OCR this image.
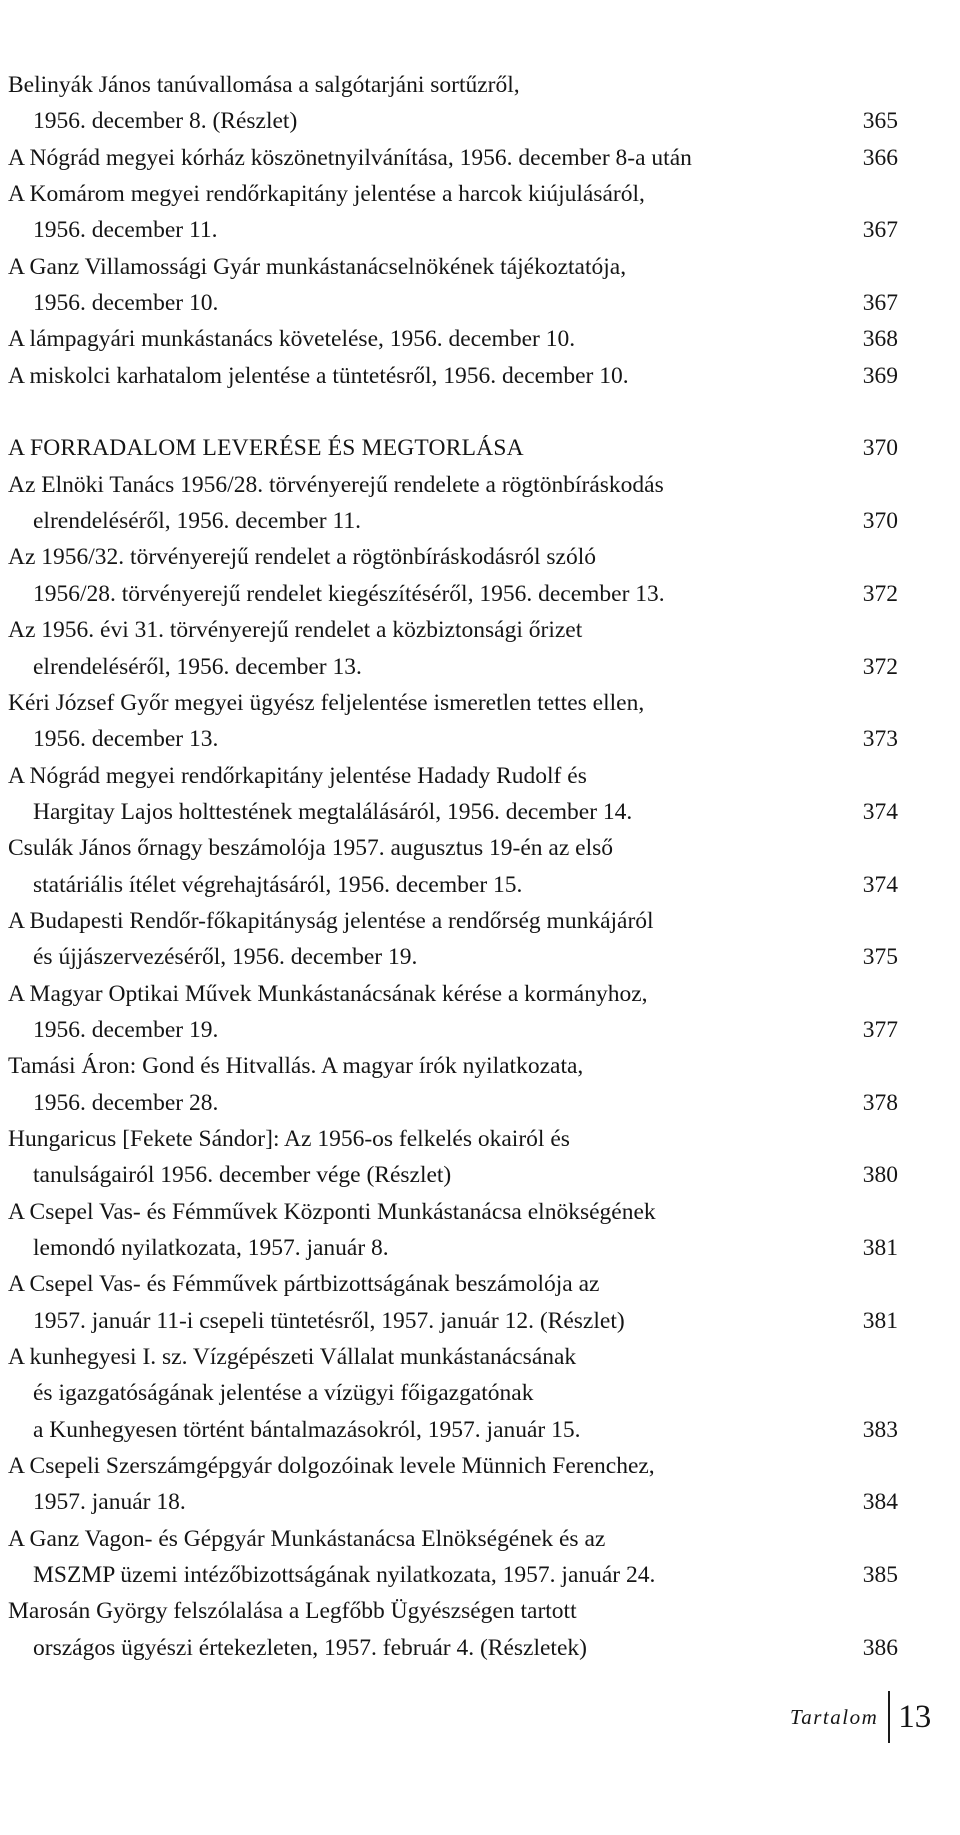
Belinyák János tanúvallomása a salgótarjáni sortűzről,
1956. december 8. (Részlet)	365
A Nógrád megyei kórház köszönetnyilvánítása, 1956. december 8-a után	366
A Komárom megyei rendőrkapitány jelentése a harcok kiújulásáról,
1956. december 11.	367
A Ganz Villamossági Gyár munkástanácselnökének tájékoztatója,
1956. december 10.	367
A lámpagyári munkástanács követelése, 1956. december 10.	368
A miskolci karhatalom jelentése a tüntetésről, 1956. december 10.	369
A FORRADALOM LEVERÉSE ÉS MEGTORLÁSA	370
Az Elnöki Tanács 1956/28. törvényerejű rendelete a rögtönbíráskodás
elrendeléséről, 1956. december 11.	370
Az 1956/32. törvényerejű rendelet a rögtönbíráskodásról szóló
1956/28. törvényerejű rendelet kiegészítéséről, 1956. december 13.	372
Az 1956. évi 31. törvényerejű rendelet a közbiztonsági őrizet
elrendeléséről, 1956. december 13.	372
Kéri József Győr megyei ügyész feljelentése ismeretlen tettes ellen,
1956. december 13.	373
A Nógrád megyei rendőrkapitány jelentése Hadady Rudolf és
Hargitay Lajos holttestének megtalálásáról, 1956. december 14.	374
Csulák János őrnagy beszámolója 1957. augusztus 19-én az első
statáriális ítélet végrehajtásáról, 1956. december 15.	374
A Budapesti Rendőr-főkapitányság jelentése a rendőrség munkájáról
és újjászervezéséről, 1956. december 19.	375
A Magyar Optikai Művek Munkástanácsának kérése a kormányhoz,
1956. december 19.	377
Tamási Áron: Gond és Hitvallás. A magyar írók nyilatkozata,
1956. december 28.	378
Hungaricus [Fekete Sándor]: Az 1956-os felkelés okairól és
tanulságairól 1956. december vége (Részlet)	380
A Csepel Vas- és Fémművek Központi Munkástanácsa elnökségének
lemondó nyilatkozata, 1957. január 8.	381
A Csepel Vas- és Fémművek pártbizottságának beszámolója az
1957. január 11-i csepeli tüntetésről, 1957. január 12. (Részlet)	381
A kunhegyesi I. sz. Vízgépészeti Vállalat munkástanácsának
és igazgatóságának jelentése a vízügyi főigazgatónak
a Kunhegyesen történt bántalmazásokról, 1957. január 15.	383
A Csepeli Szerszámgépgyár dolgozóinak levele Münnich Ferenchez,
1957. január 18.	384
A Ganz Vagon- és Gépgyár Munkástanácsa Elnökségének és az
MSZMP üzemi intézőbizottságának nyilatkozata, 1957. január 24.	385
Marosán György felszólalása a Legfőbb Ügyészségen tartott
országos ügyészi értekezleten, 1957. február 4. (Részletek)	386
Tartalom 13
